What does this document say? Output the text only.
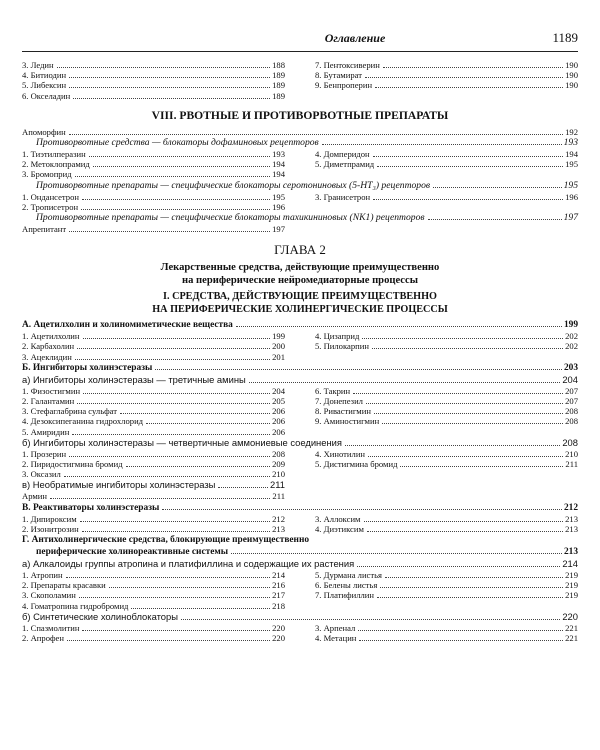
Оглавление	1189
3. Ледин	188
4. Битиодин	189
5. Либексин	189
6. Окселадин	189
7. Пентоксиверин	190
8. Бутамират	190
9. Бенпроперин	190
VIII. РВОТНЫЕ И ПРОТИВОРВОТНЫЕ ПРЕПАРАТЫ
Апоморфин	192
Противорвотные средства — блокаторы дофаминовых рецепторов	193
1. Тиэтилперазин	193
2. Метоклопрамид	194
3. Бромоприд	194
4. Домперидон	194
5. Диметпрамид	195
Противорвотные препараты — специфические блокаторы серотониновых (5-НТ₃) рецепторов	195
1. Ондансетрон	195
2. Трописетрон	196
3. Гранисетрон	196
Противорвотные препараты — специфические блокаторы тахикининовых (NK1) рецепторов	197
Апрепитант	197
ГЛАВА 2
Лекарственные средства, действующие преимущественно
на периферические нейромедиаторные процессы
I. СРЕДСТВА, ДЕЙСТВУЮЩИЕ ПРЕИМУЩЕСТВЕННО
НА ПЕРИФЕРИЧЕСКИЕ ХОЛИНЕРГИЧЕСКИЕ ПРОЦЕССЫ
А. Ацетилхолин и холиномиметические вещества	199
1. Ацетилхолин	199
2. Карбахолин	200
3. Ацеклидин	201
4. Цизаприд	202
5. Пилокарпин	202
Б. Ингибиторы холинэстеразы	203
а) Ингибиторы холинэстеразы — третичные амины	204
1. Физостигмин	204
2. Галантамин	205
3. Стефаглабрина сульфат	206
4. Дезоксипеганина гидрохлорид	206
5. Амиридин	206
6. Такрин	207
7. Донепезил	207
8. Ривастигмин	208
9. Аминостигмин	208
б) Ингибиторы холинэстеразы — четвертичные аммониевые соединения	208
1. Прозерин	208
2. Пиридостигмина бромид	209
3. Оксазил	210
4. Хинотилин	210
5. Дистигмина бромид	211
в) Необратимые ингибиторы холинэстеразы	211
Армин	211
В. Реактиваторы холинэстеразы	212
1. Дипироксим	212
2. Изонитрозин	213
3. Аллоксим	213
4. Диэтиксим	213
Г. Антихолинергические средства, блокирующие преимущественно
периферические холинореактивные системы	213
а) Алкалоиды группы атропина и платифиллина и содержащие их растения	214
1. Атропин	214
2. Препараты красавки	216
3. Скополамин	217
4. Гоматропина гидробромид	218
5. Дурмана листья	219
6. Белены листья	219
7. Платифиллин	219
б) Синтетические холиноблокаторы	220
1. Спазмолитин	220
2. Апрофен	220
3. Арпенал	221
4. Метацин	221
